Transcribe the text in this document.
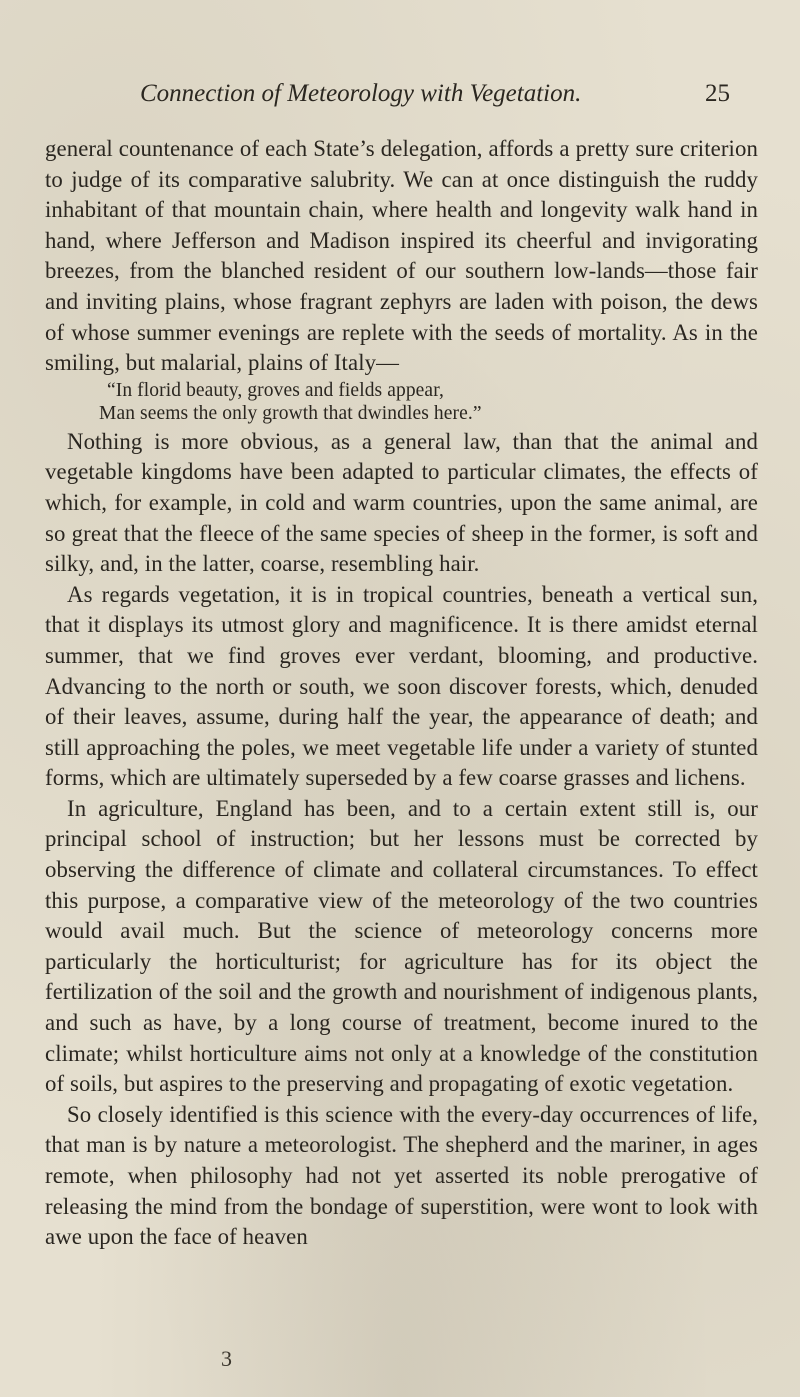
Connection of Meteorology with Vegetation.	25

general countenance of each State’s delegation, affords a pretty sure criterion to judge of its comparative salubrity. We can at once distinguish the ruddy inhabitant of that mountain chain, where health and longevity walk hand in hand, where Jefferson and Madison inspired its cheerful and invigorating breezes, from the blanched resident of our southern low-lands—those fair and inviting plains, whose fragrant zephyrs are laden with poison, the dews of whose summer evenings are replete with the seeds of mortality. As in the smiling, but malarial, plains of Italy—

“In florid beauty, groves and fields appear,
Man seems the only growth that dwindles here.”

Nothing is more obvious, as a general law, than that the animal and vegetable kingdoms have been adapted to particular climates, the effects of which, for example, in cold and warm countries, upon the same animal, are so great that the fleece of the same species of sheep in the former, is soft and silky, and, in the latter, coarse, resembling hair.

As regards vegetation, it is in tropical countries, beneath a vertical sun, that it displays its utmost glory and magnificence. It is there amidst eternal summer, that we find groves ever verdant, blooming, and productive. Advancing to the north or south, we soon discover forests, which, denuded of their leaves, assume, during half the year, the appearance of death; and still approaching the poles, we meet vegetable life under a variety of stunted forms, which are ultimately superseded by a few coarse grasses and lichens.

In agriculture, England has been, and to a certain extent still is, our principal school of instruction; but her lessons must be corrected by observing the difference of climate and collateral circumstances. To effect this purpose, a comparative view of the meteorology of the two countries would avail much. But the science of meteorology concerns more particularly the horticulturist; for agriculture has for its object the fertilization of the soil and the growth and nourishment of indigenous plants, and such as have, by a long course of treatment, become inured to the climate; whilst horticulture aims not only at a knowledge of the constitution of soils, but aspires to the preserving and propagating of exotic vegetation.

So closely identified is this science with the every-day occurrences of life, that man is by nature a meteorologist. The shepherd and the mariner, in ages remote, when philosophy had not yet asserted its noble prerogative of releasing the mind from the bondage of superstition, were wont to look with awe upon the face of heaven

3
